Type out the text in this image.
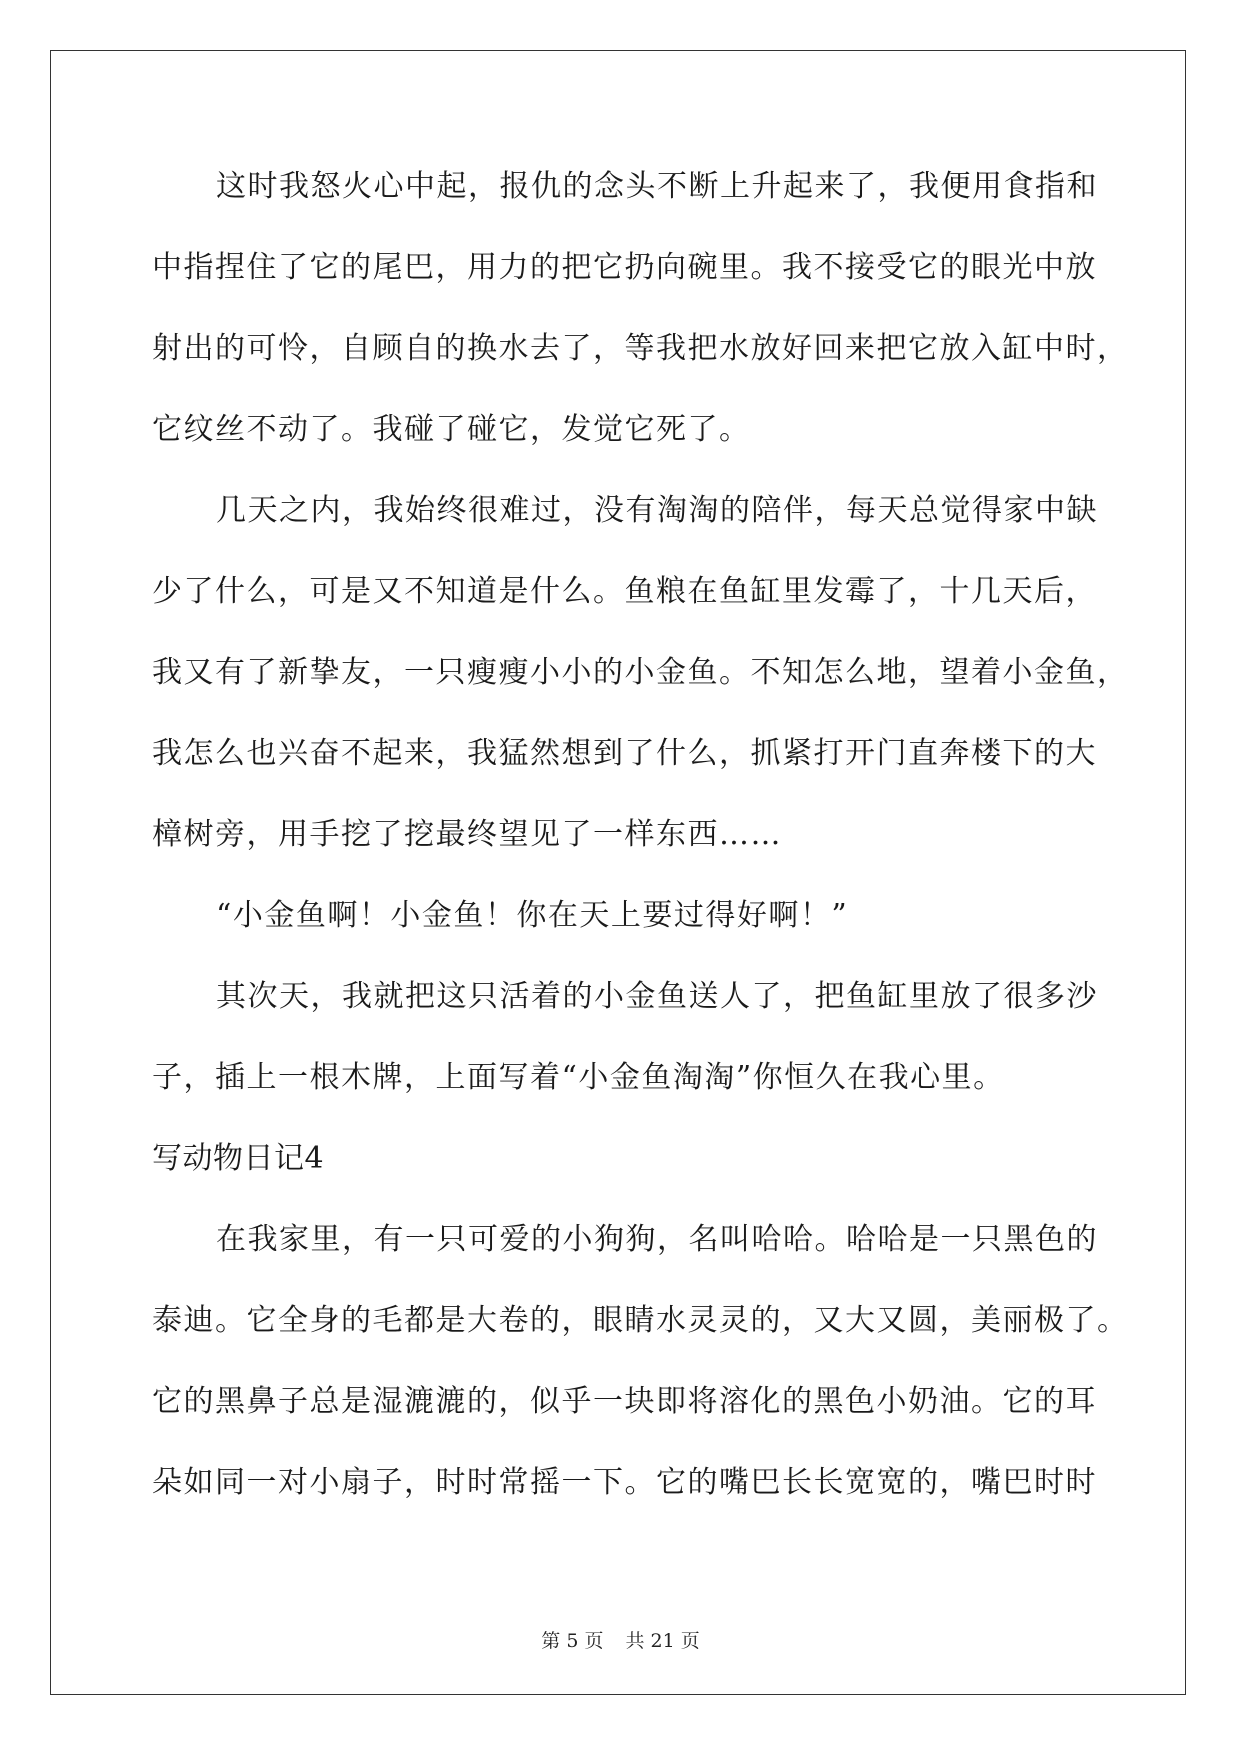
这时我怒火心中起，报仇的念头不断上升起来了，我便用食指和
中指捏住了它的尾巴，用力的把它扔向碗里。我不接受它的眼光中放
射出的可怜，自顾自的换水去了，等我把水放好回来把它放入缸中时，
它纹丝不动了。我碰了碰它，发觉它死了。
几天之内，我始终很难过，没有淘淘的陪伴，每天总觉得家中缺
少了什么，可是又不知道是什么。鱼粮在鱼缸里发霉了，十几天后，
我又有了新挚友，一只瘦瘦小小的小金鱼。不知怎么地，望着小金鱼，
我怎么也兴奋不起来，我猛然想到了什么，抓紧打开门直奔楼下的大
樟树旁，用手挖了挖最终望见了一样东西……
“小金鱼啊！小金鱼！你在天上要过得好啊！”
其次天，我就把这只活着的小金鱼送人了，把鱼缸里放了很多沙
子，插上一根木牌，上面写着“小金鱼淘淘”你恒久在我心里。
写动物日记4
在我家里，有一只可爱的小狗狗，名叫哈哈。哈哈是一只黑色的
泰迪。它全身的毛都是大卷的，眼睛水灵灵的，又大又圆，美丽极了。
它的黑鼻子总是湿漉漉的，似乎一块即将溶化的黑色小奶油。它的耳
朵如同一对小扇子，时时常摇一下。它的嘴巴长长宽宽的，嘴巴时时
第 5 页 共 21 页
